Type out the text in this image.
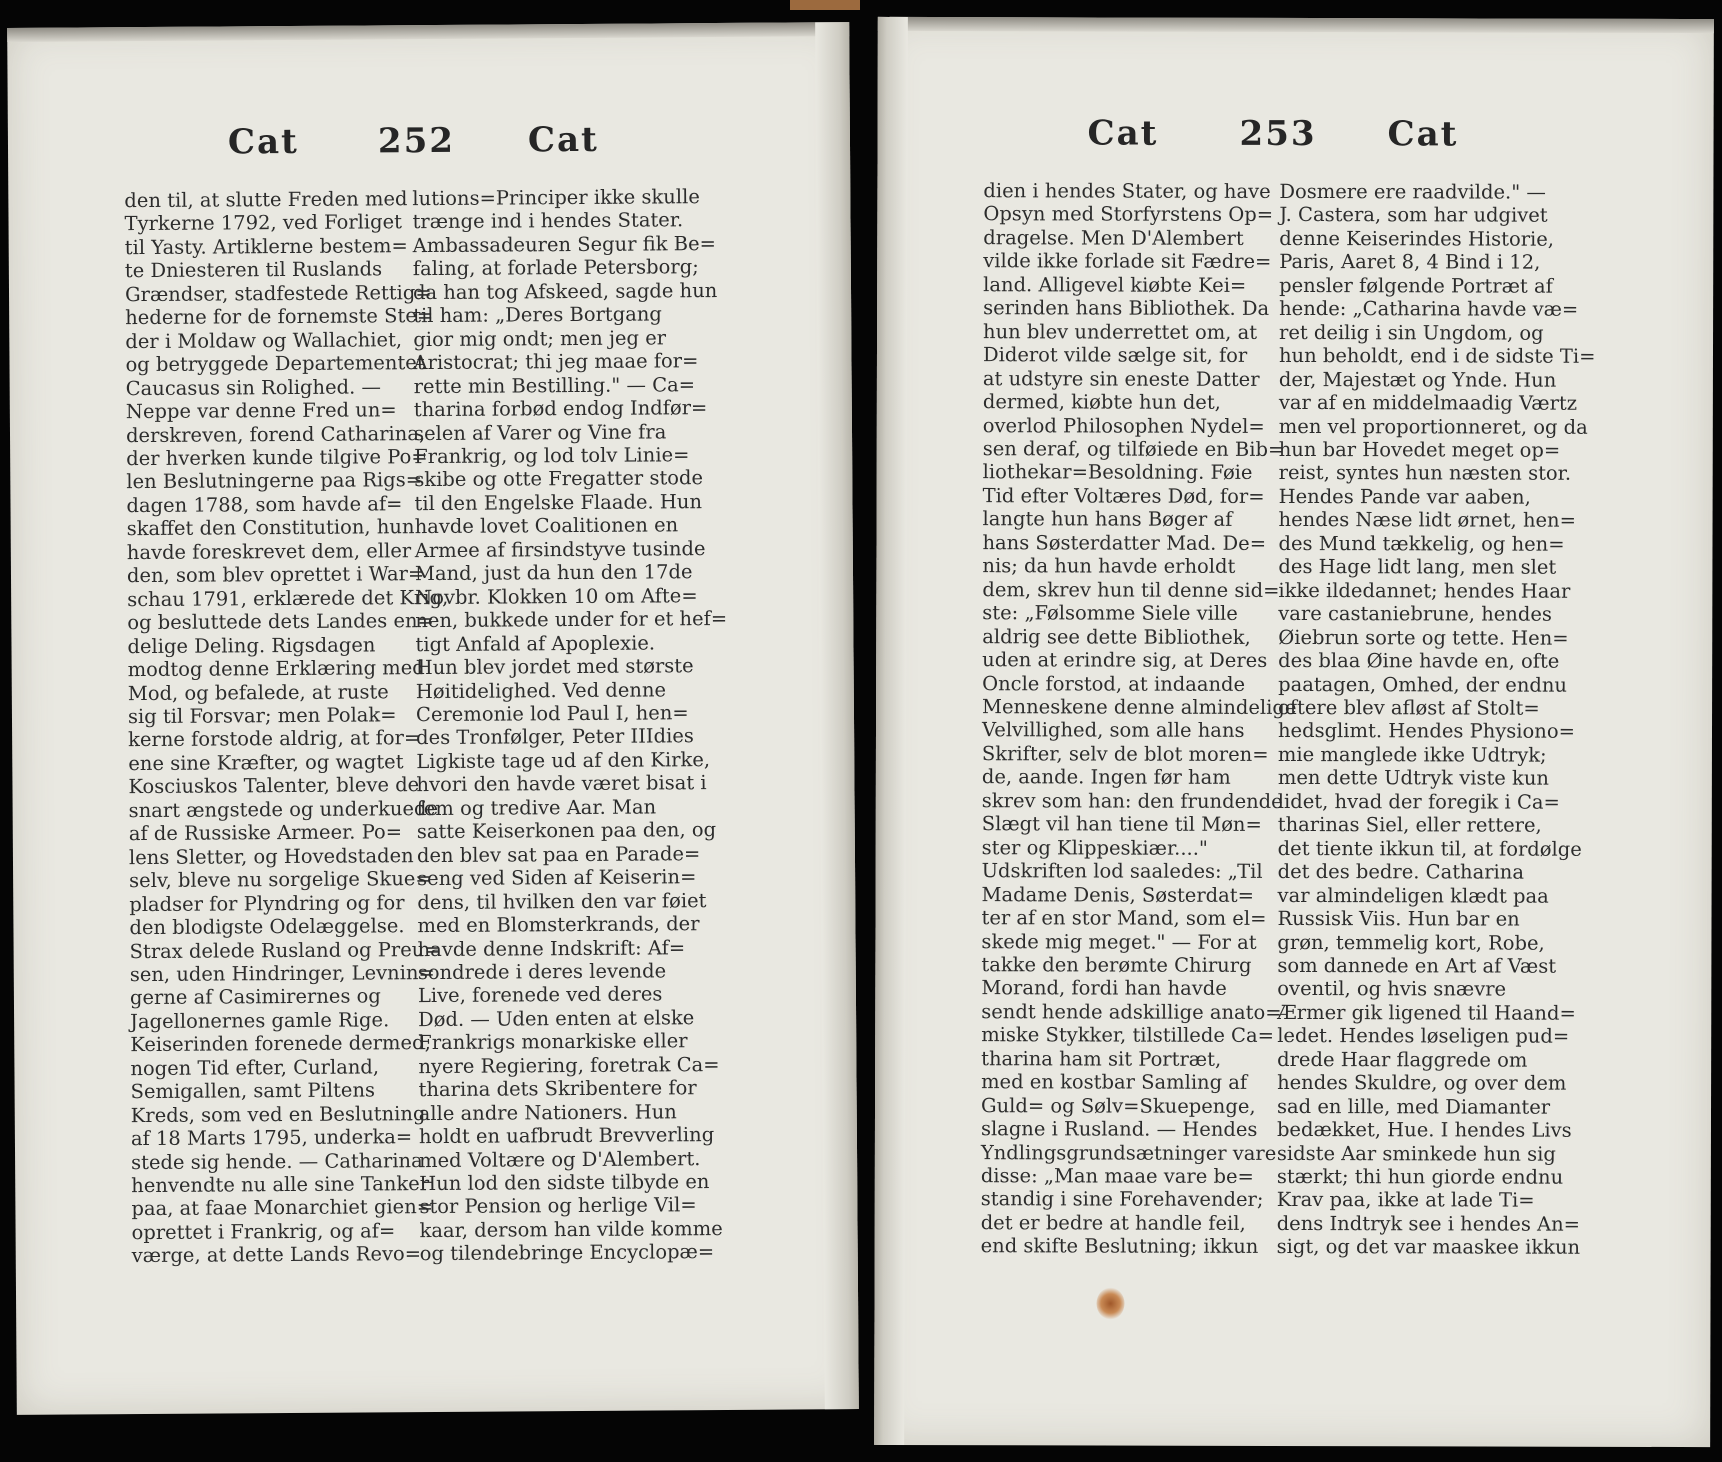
Cat 252 Cat
den til, at slutte Freden med
Tyrkerne 1792, ved Forliget
til Yasty. Artiklerne bestem=
te Dniesteren til Ruslands
Grændser, stadfestede Rettig=
hederne for de fornemste Ste=
der i Moldaw og Wallachiet,
og betryggede Departementet
Caucasus sin Rolighed. —
Neppe var denne Fred un=
derskreven, forend Catharina,
der hverken kunde tilgive Po=
len Beslutningerne paa Rigs=
dagen 1788, som havde af=
skaffet den Constitution, hun
havde foreskrevet dem, eller
den, som blev oprettet i War=
schau 1791, erklærede det Krig,
og besluttede dets Landes en=
delige Deling. Rigsdagen
modtog denne Erklæring med
Mod, og befalede, at ruste
sig til Forsvar; men Polak=
kerne forstode aldrig, at for=
ene sine Kræfter, og wagtet
Kosciuskos Talenter, bleve de
snart ængstede og underkuede
af de Russiske Armeer. Po=
lens Sletter, og Hovedstaden
selv, bleve nu sorgelige Skue=
pladser for Plyndring og for
den blodigste Odelæggelse.
Strax delede Rusland og Preu=
sen, uden Hindringer, Levnin=
gerne af Casimirernes og
Jagellonernes gamle Rige.
Keiserinden forenede dermed,
nogen Tid efter, Curland,
Semigallen, samt Piltens
Kreds, som ved en Beslutning
af 18 Marts 1795, underka=
stede sig hende. — Catharina
henvendte nu alle sine Tanker
paa, at faae Monarchiet gien=
oprettet i Frankrig, og af=
værge, at dette Lands Revo=
lutions=Principer ikke skulle
trænge ind i hendes Stater.
Ambassadeuren Segur fik Be=
faling, at forlade Petersborg;
da han tog Afskeed, sagde hun
til ham: „Deres Bortgang
gior mig ondt; men jeg er
Aristocrat; thi jeg maae for=
rette min Bestilling." — Ca=
tharina forbød endog Indfør=
selen af Varer og Vine fra
Frankrig, og lod tolv Linie=
skibe og otte Fregatter stode
til den Engelske Flaade. Hun
havde lovet Coalitionen en
Armee af firsindstyve tusinde
Mand, just da hun den 17de
Novbr. Klokken 10 om Afte=
nen, bukkede under for et hef=
tigt Anfald af Apoplexie.
Hun blev jordet med største
Høitidelighed. Ved denne
Ceremonie lod Paul I, hen=
des Tronfølger, Peter IIIdies
Ligkiste tage ud af den Kirke,
hvori den havde været bisat i
fem og tredive Aar. Man
satte Keiserkonen paa den, og
den blev sat paa en Parade=
seng ved Siden af Keiserin=
dens, til hvilken den var føiet
med en Blomsterkrands, der
havde denne Indskrift: Af=
sondrede i deres levende
Live, forenede ved deres
Død. — Uden enten at elske
Frankrigs monarkiske eller
nyere Regiering, foretrak Ca=
tharina dets Skribentere for
alle andre Nationers. Hun
holdt en uafbrudt Brevverling
med Voltære og D'Alembert.
Hun lod den sidste tilbyde en
stor Pension og herlige Vil=
kaar, dersom han vilde komme
og tilendebringe Encyclopæ=
Cat 253 Cat
dien i hendes Stater, og have
Opsyn med Storfyrstens Op=
dragelse. Men D'Alembert
vilde ikke forlade sit Fædre=
land. Alligevel kiøbte Kei=
serinden hans Bibliothek. Da
hun blev underrettet om, at
Diderot vilde sælge sit, for
at udstyre sin eneste Datter
dermed, kiøbte hun det,
overlod Philosophen Nydel=
sen deraf, og tilføiede en Bib=
liothekar=Besoldning. Føie
Tid efter Voltæres Død, for=
langte hun hans Bøger af
hans Søsterdatter Mad. De=
nis; da hun havde erholdt
dem, skrev hun til denne sid=
ste: „Følsomme Siele ville
aldrig see dette Bibliothek,
uden at erindre sig, at Deres
Oncle forstod, at indaande
Menneskene denne almindelige
Velvillighed, som alle hans
Skrifter, selv de blot moren=
de, aande. Ingen før ham
skrev som han: den frundende
Slægt vil han tiene til Møn=
ster og Klippeskiær...."
Udskriften lod saaledes: „Til
Madame Denis, Søsterdat=
ter af en stor Mand, som el=
skede mig meget." — For at
takke den berømte Chirurg
Morand, fordi han havde
sendt hende adskillige anato=
miske Stykker, tilstillede Ca=
tharina ham sit Portræt,
med en kostbar Samling af
Guld= og Sølv=Skuepenge,
slagne i Rusland. — Hendes
Yndlingsgrundsætninger vare
disse: „Man maae vare be=
standig i sine Forehavender;
det er bedre at handle feil,
end skifte Beslutning; ikkun
Dosmere ere raadvilde." —
J. Castera, som har udgivet
denne Keiserindes Historie,
Paris, Aaret 8, 4 Bind i 12,
pensler følgende Portræt af
hende: „Catharina havde væ=
ret deilig i sin Ungdom, og
hun beholdt, end i de sidste Ti=
der, Majestæt og Ynde. Hun
var af en middelmaadig Værtz
men vel proportionneret, og da
hun bar Hovedet meget op=
reist, syntes hun næsten stor.
Hendes Pande var aaben,
hendes Næse lidt ørnet, hen=
des Mund tækkelig, og hen=
des Hage lidt lang, men slet
ikke ildedannet; hendes Haar
vare castaniebrune, hendes
Øiebrun sorte og tette. Hen=
des blaa Øine havde en, ofte
paatagen, Omhed, der endnu
oftere blev afløst af Stolt=
hedsglimt. Hendes Physiono=
mie manglede ikke Udtryk;
men dette Udtryk viste kun
lidet, hvad der foregik i Ca=
tharinas Siel, eller rettere,
det tiente ikkun til, at fordølge
det des bedre. Catharina
var almindeligen klædt paa
Russisk Viis. Hun bar en
grøn, temmelig kort, Robe,
som dannede en Art af Væst
oventil, og hvis snævre
Ærmer gik ligened til Haand=
ledet. Hendes løseligen pud=
drede Haar flaggrede om
hendes Skuldre, og over dem
sad en lille, med Diamanter
bedækket, Hue. I hendes Livs
sidste Aar sminkede hun sig
stærkt; thi hun giorde endnu
Krav paa, ikke at lade Ti=
dens Indtryk see i hendes An=
sigt, og det var maaskee ikkun
